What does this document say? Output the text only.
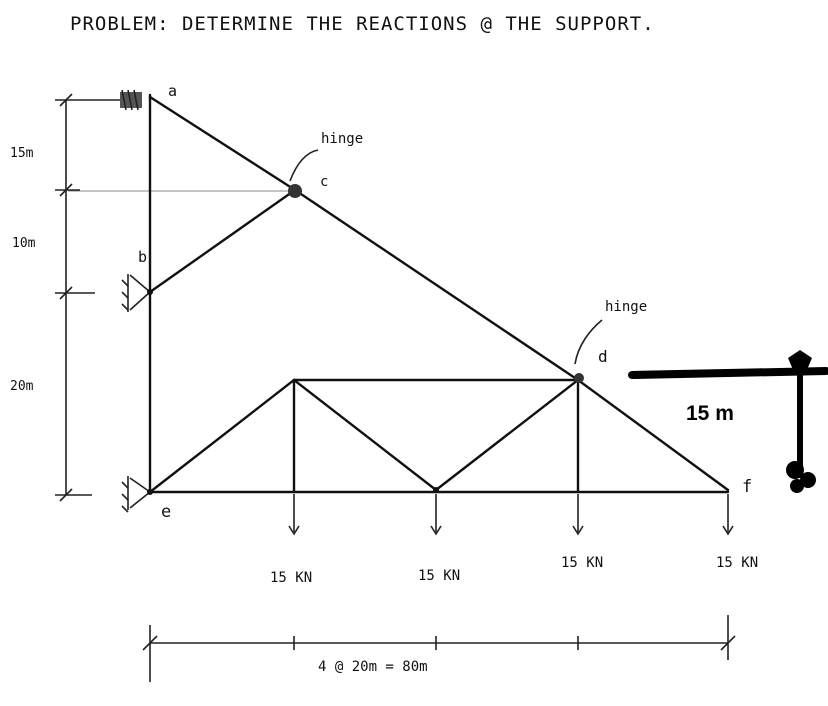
PROBLEM: DETERMINE THE REACTIONS @ THE SUPPORT.
15m
10m
20m
hinge
hinge
a
b
c
d
e
f
15 KN	15 KN
15 KN	15 KN
4 @ 20m = 80m
15 m
